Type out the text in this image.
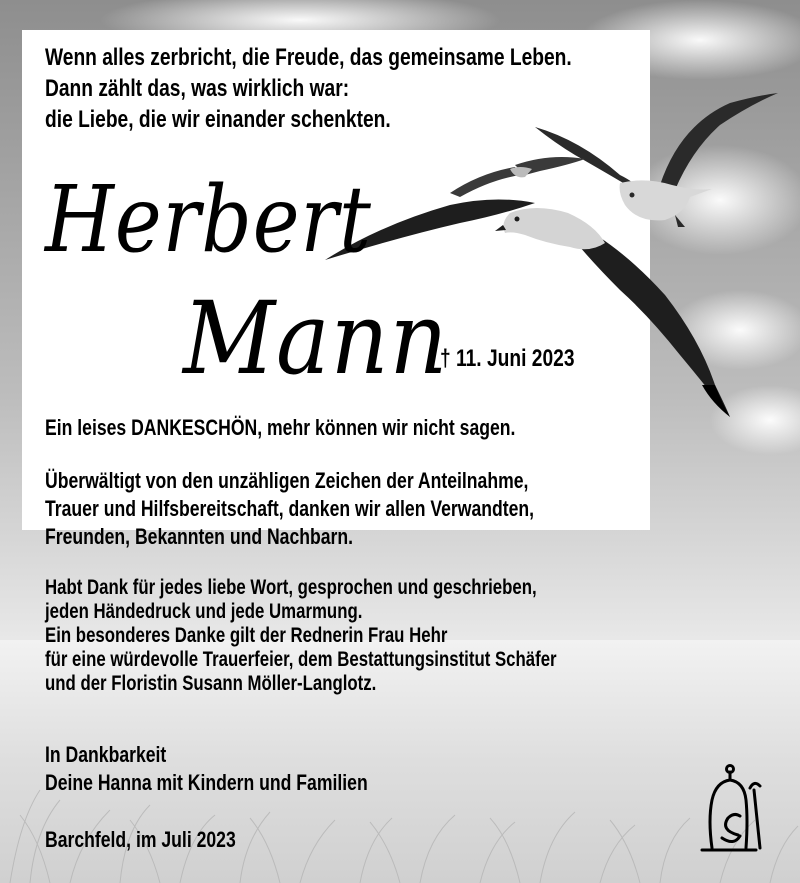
Wenn alles zerbricht, die Freude, das gemeinsame Leben.
Dann zählt das, was wirklich war:
die Liebe, die wir einander schenkten.

Herbert

Mann

† 11. Juni 2023

Ein leises DANKESCHÖN, mehr können wir nicht sagen.

Überwältigt von den unzähligen Zeichen der Anteilnahme,
Trauer und Hilfsbereitschaft, danken wir allen Verwandten,
Freunden, Bekannten und Nachbarn.

Habt Dank für jedes liebe Wort, gesprochen und geschrieben,
jeden Händedruck und jede Umarmung.
Ein besonderes Danke gilt der Rednerin Frau Hehr
für eine würdevolle Trauerfeier, dem Bestattungsinstitut Schäfer
und der Floristin Susann Möller-Langlotz.

In Dankbarkeit
Deine Hanna mit Kindern und Familien

Barchfeld, im Juli 2023
